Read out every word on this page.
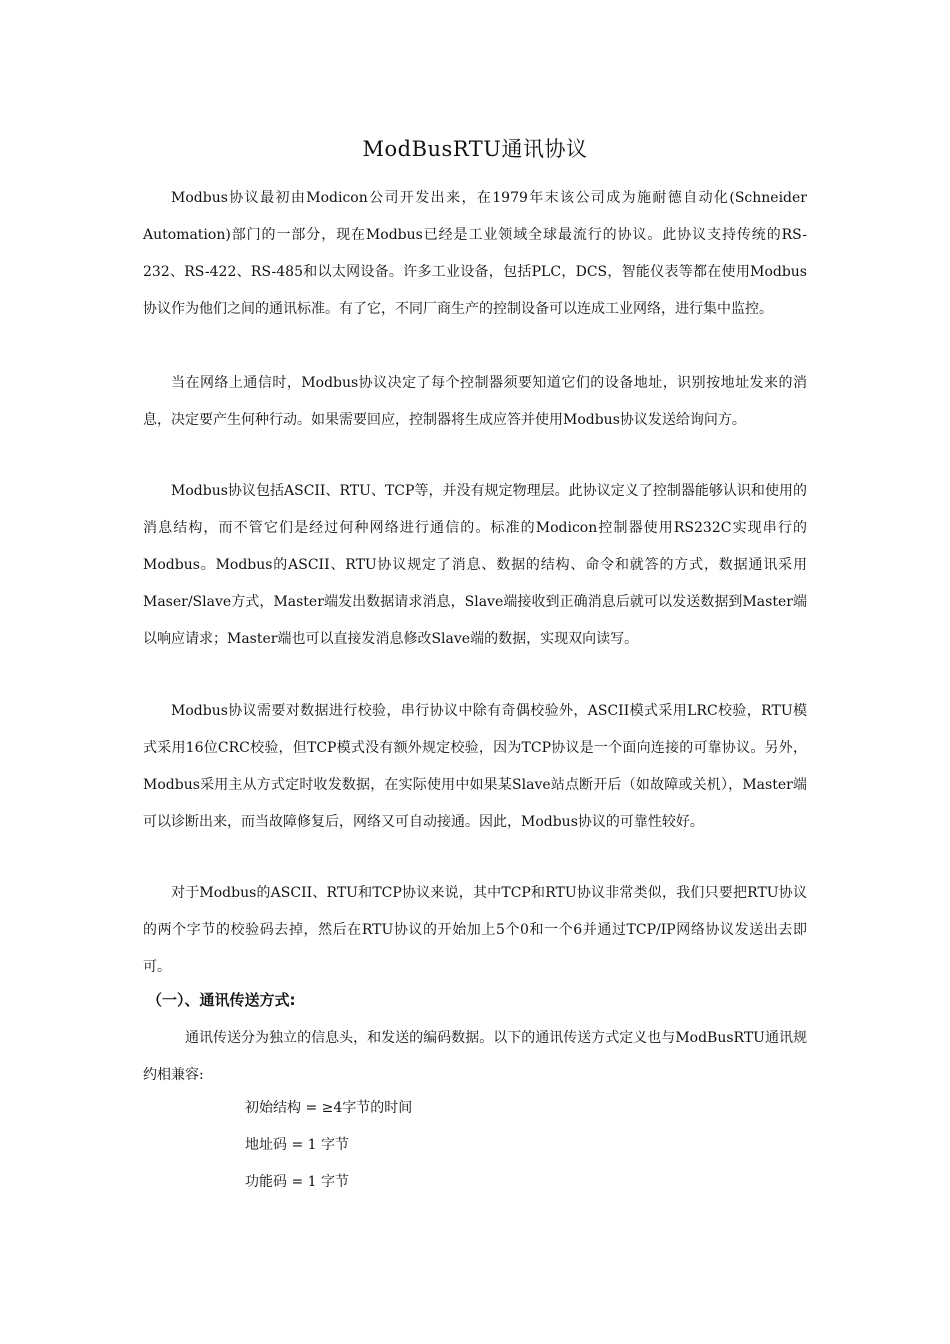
ModBusRTU通讯协议

Modbus协议最初由Modicon公司开发出来，在1979年末该公司成为施耐德自动化(Schneider Automation)部门的一部分，现在Modbus已经是工业领域全球最流行的协议。此协议支持传统的RS-232、RS-422、RS-485和以太网设备。许多工业设备，包括PLC，DCS，智能仪表等都在使用Modbus协议作为他们之间的通讯标准。有了它，不同厂商生产的控制设备可以连成工业网络，进行集中监控。

当在网络上通信时，Modbus协议决定了每个控制器须要知道它们的设备地址，识别按地址发来的消息，决定要产生何种行动。如果需要回应，控制器将生成应答并使用Modbus协议发送给询问方。

Modbus协议包括ASCII、RTU、TCP等，并没有规定物理层。此协议定义了控制器能够认识和使用的消息结构，而不管它们是经过何种网络进行通信的。标准的Modicon控制器使用RS232C实现串行的Modbus。Modbus的ASCII、RTU协议规定了消息、数据的结构、命令和就答的方式，数据通讯采用Maser/Slave方式，Master端发出数据请求消息，Slave端接收到正确消息后就可以发送数据到Master端以响应请求；Master端也可以直接发消息修改Slave端的数据，实现双向读写。

Modbus协议需要对数据进行校验，串行协议中除有奇偶校验外，ASCII模式采用LRC校验，RTU模式采用16位CRC校验，但TCP模式没有额外规定校验，因为TCP协议是一个面向连接的可靠协议。另外，Modbus采用主从方式定时收发数据，在实际使用中如果某Slave站点断开后（如故障或关机），Master端可以诊断出来，而当故障修复后，网络又可自动接通。因此，Modbus协议的可靠性较好。

对于Modbus的ASCII、RTU和TCP协议来说，其中TCP和RTU协议非常类似，我们只要把RTU协议的两个字节的校验码去掉，然后在RTU协议的开始加上5个0和一个6并通过TCP/IP网络协议发送出去即可。

（一）、通讯传送方式:

通讯传送分为独立的信息头，和发送的编码数据。以下的通讯传送方式定义也与ModBusRTU通讯规约相兼容:

初始结构 = ≥4字节的时间
地址码 = 1 字节
功能码 = 1 字节
